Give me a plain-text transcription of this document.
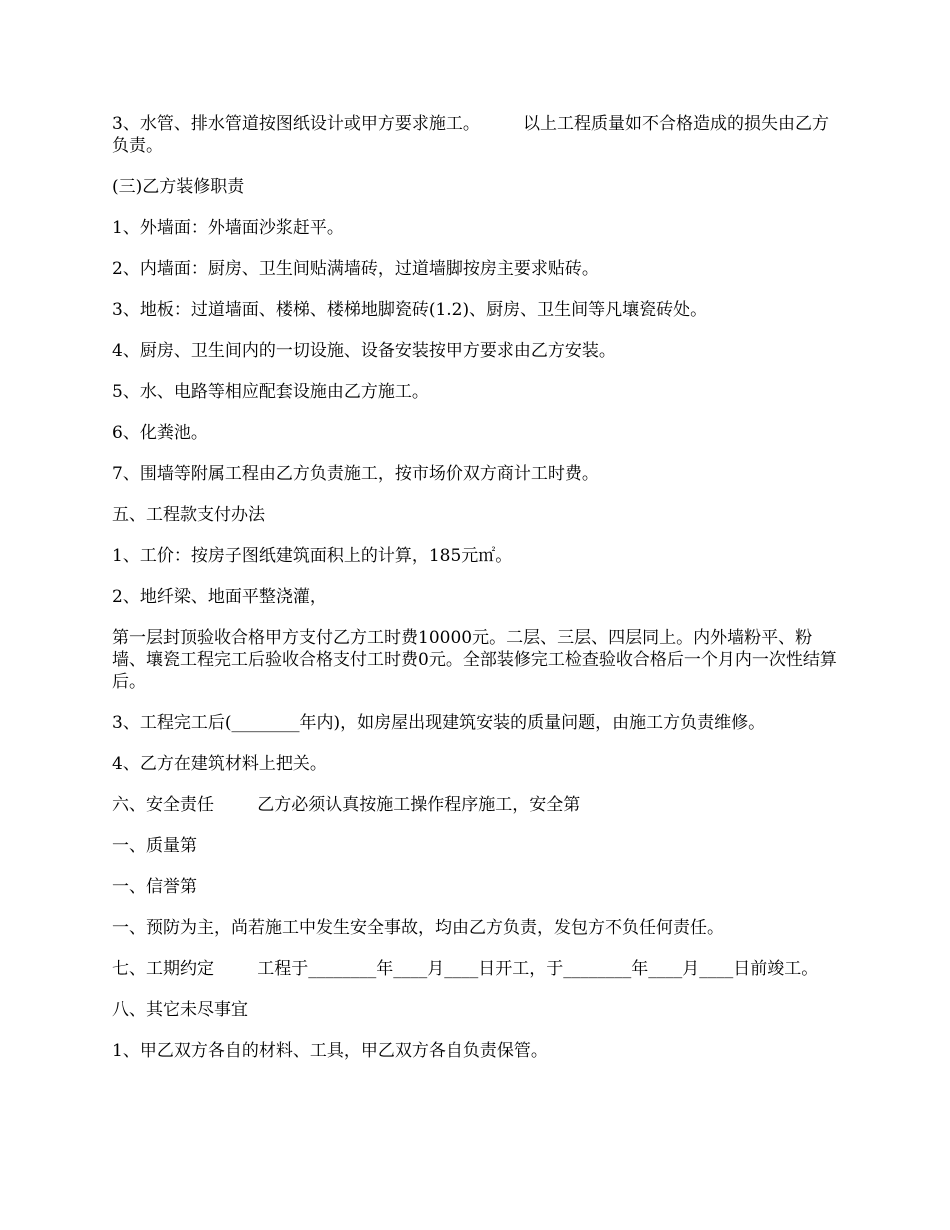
3、水管、排水管道按图纸设计或甲方要求施工。        以上工程质量如不合格造成的损失由乙方负责。

(三)乙方装修职责

1、外墙面：外墙面沙浆赶平。

2、内墙面：厨房、卫生间贴满墙砖，过道墙脚按房主要求贴砖。

3、地板：过道墙面、楼梯、楼梯地脚瓷砖(1.2)、厨房、卫生间等凡壤瓷砖处。

4、厨房、卫生间内的一切设施、设备安装按甲方要求由乙方安装。

5、水、电路等相应配套设施由乙方施工。

6、化粪池。

7、围墙等附属工程由乙方负责施工，按市场价双方商计工时费。

五、工程款支付办法

1、工价：按房子图纸建筑面积上的计算，185元㎡。

2、地纤梁、地面平整浇灌，

第一层封顶验收合格甲方支付乙方工时费10000元。二层、三层、四层同上。内外墙粉平、粉墙、壤瓷工程完工后验收合格支付工时费0元。全部装修完工检查验收合格后一个月内一次性结算后。

3、工程完工后(________年内)，如房屋出现建筑安装的质量问题，由施工方负责维修。

4、乙方在建筑材料上把关。

六、安全责任        乙方必须认真按施工操作程序施工，安全第

一、质量第

一、信誉第

一、预防为主，尚若施工中发生安全事故，均由乙方负责，发包方不负任何责任。

七、工期约定        工程于________年____月____日开工，于________年____月____日前竣工。

八、其它未尽事宜

1、甲乙双方各自的材料、工具，甲乙双方各自负责保管。
